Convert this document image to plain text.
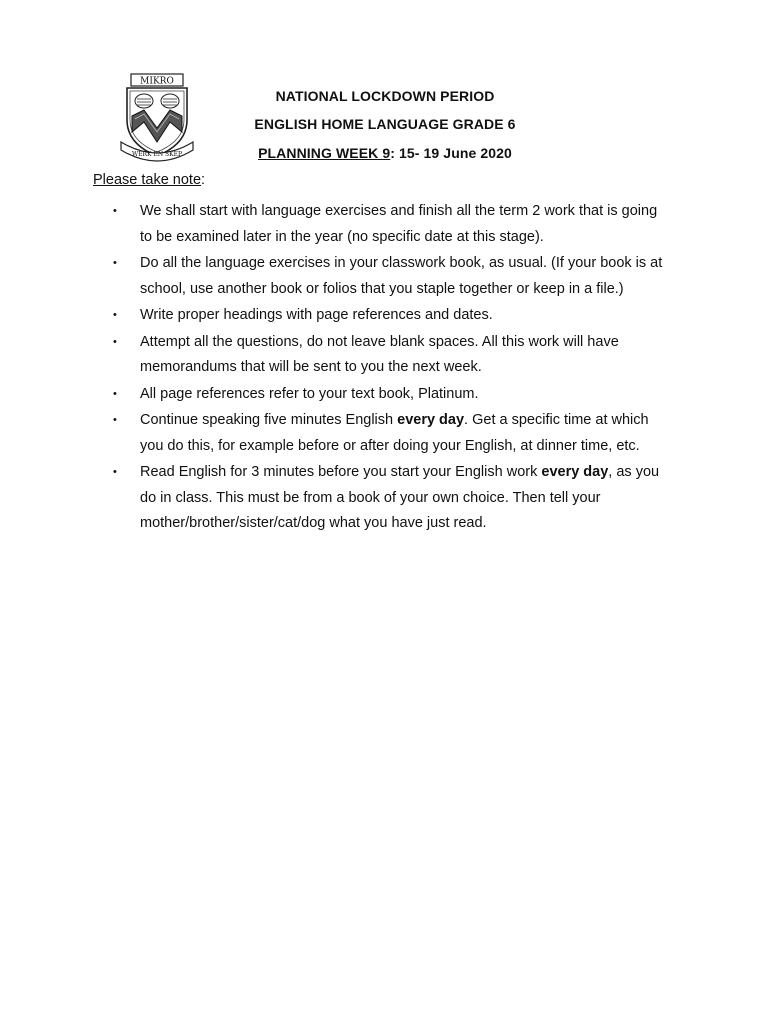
MIKRO
WERK EN SKEP
NATIONAL LOCKDOWN PERIOD
ENGLISH HOME LANGUAGE GRADE 6
PLANNING WEEK 9: 15- 19 June 2020
Please take note:
• We shall start with language exercises and finish all the term 2 work that is going to be examined later in the year (no specific date at this stage).
• Do all the language exercises in your classwork book, as usual. (If your book is at school, use another book or folios that you staple together or keep in a file.)
• Write proper headings with page references and dates.
• Attempt all the questions, do not leave blank spaces. All this work will have memorandums that will be sent to you the next week.
• All page references refer to your text book, Platinum.
• Continue speaking five minutes English every day. Get a specific time at which you do this, for example before or after doing your English, at dinner time, etc.
• Read English for 3 minutes before you start your English work every day, as you do in class. This must be from a book of your own choice. Then tell your mother/brother/sister/cat/dog what you have just read.
